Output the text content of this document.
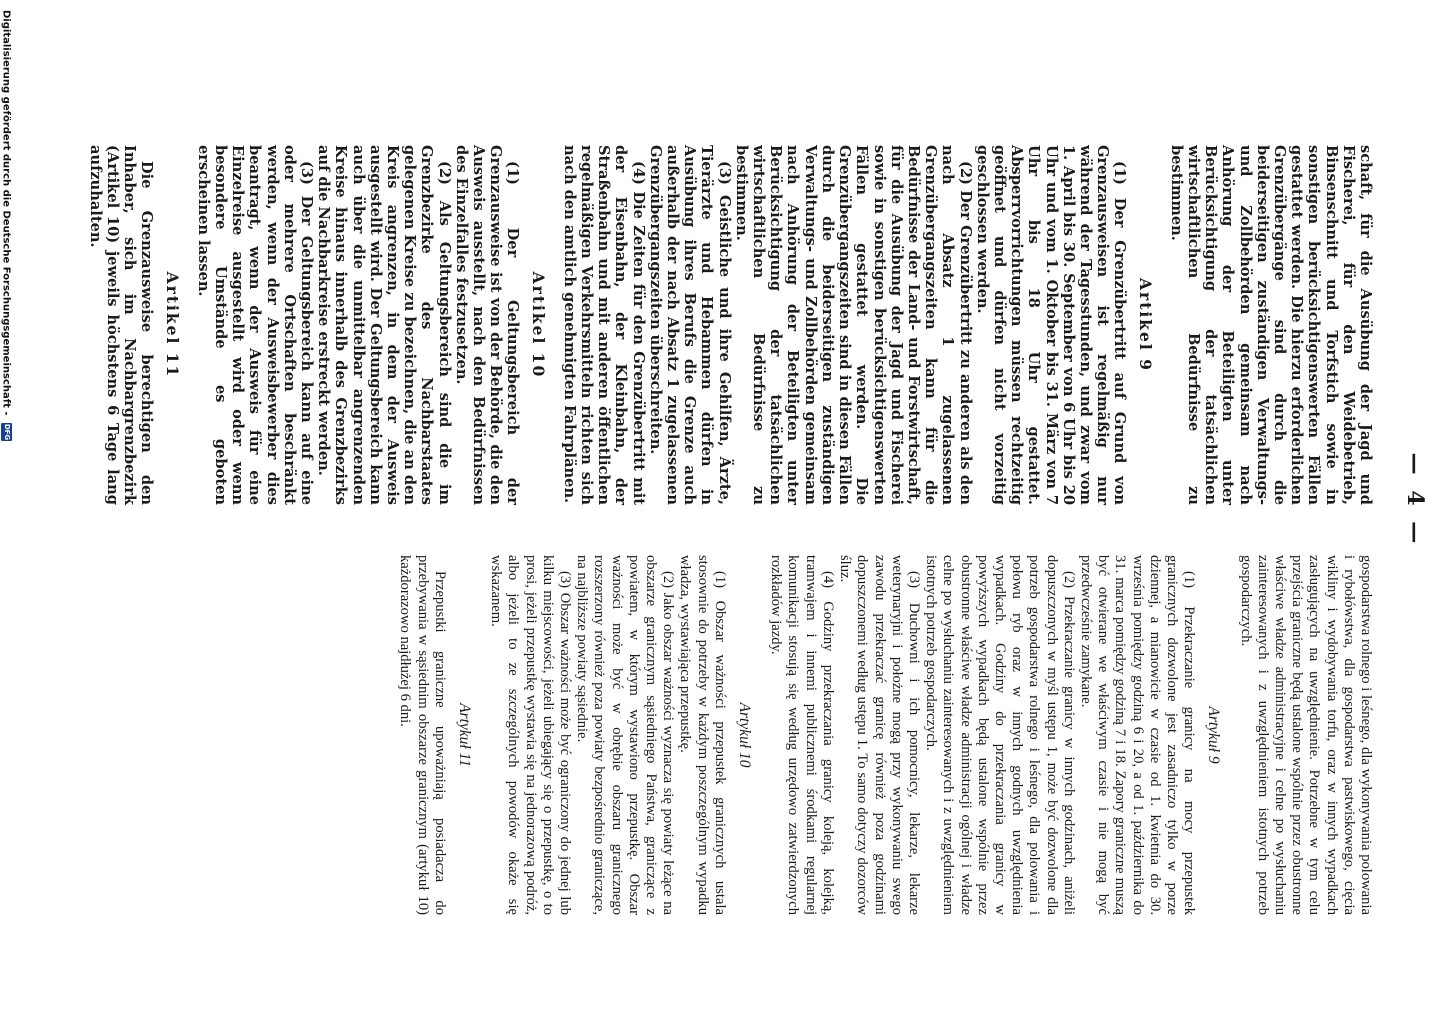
— 4 —

schaft, für die Ausübung der Jagd und Fischerei, für den Weidebetrieb, Binsenschnitt und Torfstich sowie in sonstigen berücksichtigenswerten Fällen gestattet werden. Die hierzu erforderlichen Grenzübergänge sind durch die beiderseitigen zuständigen Verwaltungs- und Zollbehörden gemeinsam nach Anhörung der Beteiligten unter Berücksichtigung der tatsächlichen wirtschaftlichen Bedürfnisse zu bestimmen.

Artikel 9

(1) Der Grenzübertritt auf Grund von Grenzausweisen ist regelmäßig nur während der Tagesstunden, und zwar vom 1. April bis 30. September von 6 Uhr bis 20 Uhr und vom 1. Oktober bis 31. März von 7 Uhr bis 18 Uhr gestattet. Absperrvorrichtungen müssen rechtzeitig geöffnet und dürfen nicht vorzeitig geschlossen werden.

(2) Der Grenzübertritt zu anderen als den nach Absatz 1 zugelassenen Grenzübergangszeiten kann für die Bedürfnisse der Land- und Forstwirtschaft, für die Ausübung der Jagd und Fischerei sowie in sonstigen berücksichtigenswerten Fällen gestattet werden. Die Grenzübergangszeiten sind in diesen Fällen durch die beiderseitigen zuständigen Verwaltungs- und Zollbehörden gemeinsam nach Anhörung der Beteiligten unter Berücksichtigung der tatsächlichen wirtschaftlichen Bedürfnisse zu bestimmen.

(3) Geistliche und ihre Gehilfen, Ärzte, Tierärzte und Hebammen dürfen in Ausübung ihres Berufs die Grenze auch außerhalb der nach Absatz 1 zugelassenen Grenzübergangszeiten überschreiten.

(4) Die Zeiten für den Grenzübertritt mit der Eisenbahn, der Kleinbahn, der Straßenbahn und mit anderen öffentlichen regelmäßigen Verkehrsmitteln richten sich nach den amtlich genehmigten Fahrplänen.

Artikel 10

(1) Der Geltungsbereich der Grenzausweise ist von der Behörde, die den Ausweis ausstellt, nach den Bedürfnissen des Einzelfalles festzusetzen.

(2) Als Geltungsbereich sind die im Grenzbezirke des Nachbarstaates gelegenen Kreise zu bezeichnen, die an den Kreis angrenzen, in dem der Ausweis ausgestellt wird. Der Geltungsbereich kann auch über die unmittelbar angrenzenden Kreise hinaus innerhalb des Grenzbezirks auf die Nachbarkreise erstreckt werden.

(3) Der Geltungsbereich kann auf eine oder mehrere Ortschaften beschränkt werden, wenn der Ausweisbewerber dies beantragt, wenn der Ausweis für eine Einzelreise ausgestellt wird oder wenn besondere Umstände es geboten erscheinen lassen.

Artikel 11

Die Grenzausweise berechtigen den Inhaber, sich im Nachbargrenzbezirk (Artikel 10) jeweils höchstens 6 Tage lang aufzuhalten.

gospodarstwa rolnego i leśnego, dla wykonywania polowania i rybołówstwa, dla gospodarstwa pastwiskowego, cięcia wikliny i wydobywania torfu, oraz w innych wypadkach zasługujących na uwzględnienie. Potrzebne w tym celu przejścia graniczne będą ustalone wspólnie przez obustronne właściwe władze administracyjne i celne po wysłuchaniu zainteresowanych i z uwzględnieniem istotnych potrzeb gospodarczych.

Artykuł 9

(1) Przekraczanie granicy na mocy przepustek granicznych dozwolone jest zasadniczo tylko w porze dziennej, a mianowicie w czasie od 1. kwietnia do 30. września pomiędzy godziną 6 i 20, a od 1. października do 31. marca pomiędzy godziną 7 i 18. Zapory graniczne muszą być otwierane we właściwym czasie i nie mogą być przedwcześnie zamykane.

(2) Przekraczanie granicy w innych godzinach, aniżeli dopuszczonych w myśl ustępu 1, może być dozwolone dla potrzeb gospodarstwa rolnego i leśnego, dla polowania i połowu ryb oraz w innych godnych uwzględnienia wypadkach. Godziny do przekraczania granicy w powyższych wypadkach będą ustalone wspólnie przez obustronne właściwe władze administracji ogólnej i władze celne po wysłuchaniu zainteresowanych i z uwzględnieniem istotnych potrzeb gospodarczych.

(3) Duchowni i ich pomocnicy, lekarze, lekarze weterynaryjni i położne mogą przy wykonywaniu swego zawodu przekraczać granicę również poza godzinami dopuszczonemi według ustępu 1. To samo dotyczy dozorców śluz.

(4) Godziny przekraczania granicy koleją, kolejką, tramwajem i innemi publicznemi środkami regularnej komunikacji stosują się według urzędowo zatwierdzonych rozkładów jazdy.

Artykuł 10

(1) Obszar ważności przepustek granicznych ustala stosownie do potrzeby w każdym poszczególnym wypadku władza, wystawiająca przepustkę.

(2) Jako obszar ważności wyznacza się powiaty leżące na obszarze granicznym sąsiedniego Państwa, graniczące z powiatem, w którym wystawiono przepustkę. Obszar ważności może być w obrębie obszaru granicznego rozszerzony również poza powiaty bezpośrednio graniczące, na najbliższe powiaty sąsiednie.

(3) Obszar ważności może być ograniczony do jednej lub kilku miejscowości, jeżeli ubiegający się o przepustkę, o to prosi, jeżeli przepustkę wystawia się na jednorazową podróż, albo jeżeli to ze szczególnych powodów okaże się wskazanem.

Artykuł 11

Przepustki graniczne upoważniają posiadacza do przebywania w sąsiednim obszarze granicznym (artykuł 10) każdorazowo najdłużej 6 dni.

Digitalisierung gefördert durch die Deutsche Forschungsgemeinschaft - DFG
